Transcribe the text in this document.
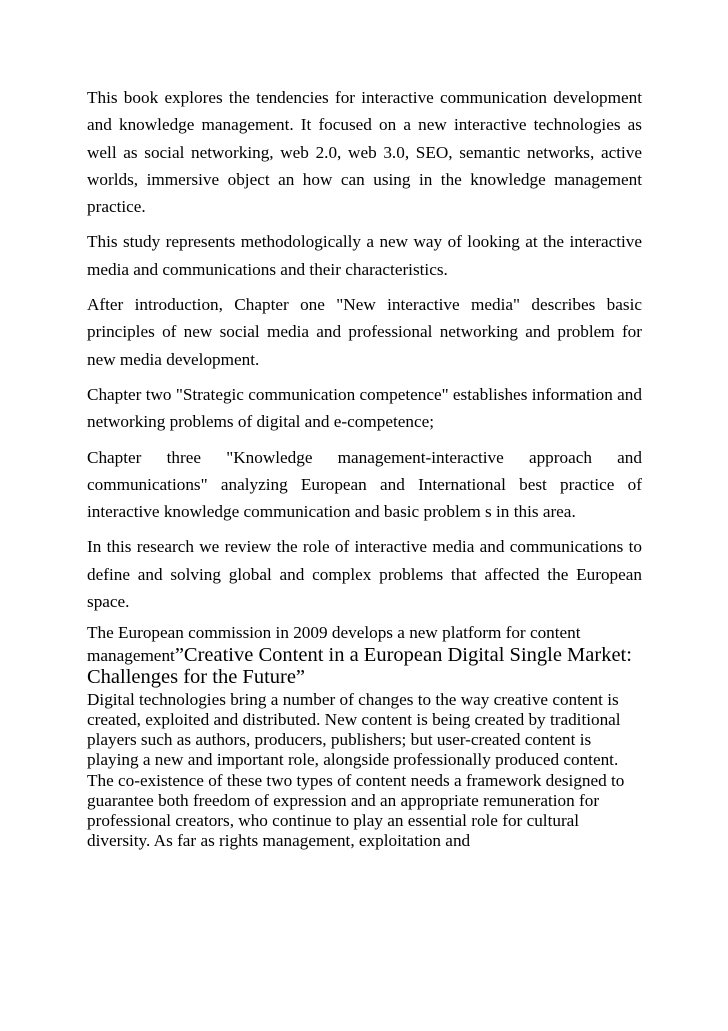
This book explores the tendencies for interactive communication development and knowledge management. It focused on a new interactive technologies as well as social networking, web 2.0, web 3.0, SEO, semantic networks, active worlds, immersive object an how can using in the knowledge management practice.

This study represents methodologically a new way of looking at the interactive media and communications and their characteristics.

After introduction, Chapter one "New interactive media" describes basic principles of new social media and professional networking and problem for new media development.

Chapter two "Strategic communication competence" establishes information and networking problems of digital and e-competence;

Chapter three "Knowledge management-interactive approach and communications" analyzing European and International best practice of interactive knowledge communication and basic problem s in this area.

In this research we review the role of interactive media and communications to define and solving global and complex problems that affected the European space.

The European commission in 2009 develops a new platform for content management”Creative Content in a European Digital Single Market: Challenges for the Future”

Digital technologies bring a number of changes to the way creative content is created, exploited and distributed. New content is being created by traditional players such as authors, producers, publishers; but user-created content is playing a new and important role, alongside professionally produced content. The co-existence of these two types of content needs a framework designed to guarantee both freedom of expression and an appropriate remuneration for professional creators, who continue to play an essential role for cultural diversity. As far as rights management, exploitation and
